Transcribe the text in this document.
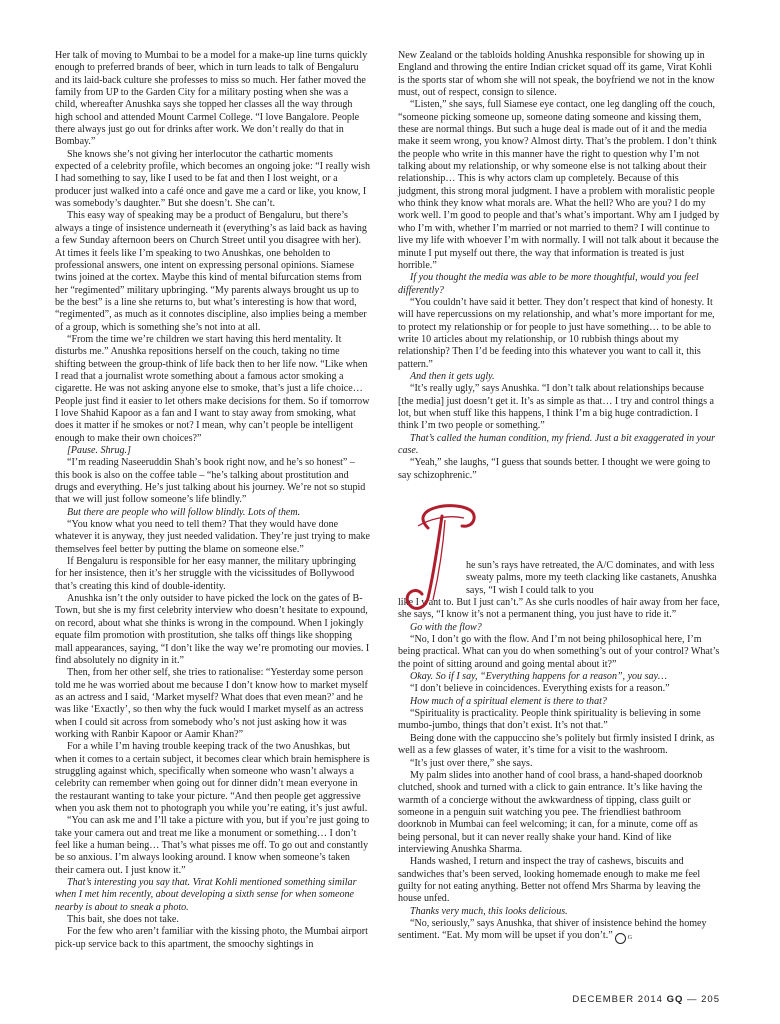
Her talk of moving to Mumbai to be a model for a make-up line turns quickly enough to preferred brands of beer, which in turn leads to talk of Bengaluru and its laid-back culture she professes to miss so much. Her father moved the family from UP to the Garden City for a military posting when she was a child, whereafter Anushka says she topped her classes all the way through high school and attended Mount Carmel College. “I love Bangalore. People there always just go out for drinks after work. We don’t really do that in Bombay.”

She knows she’s not giving her interlocutor the cathartic moments expected of a celebrity profile, which becomes an ongoing joke: “I really wish I had something to say, like I used to be fat and then I lost weight, or a producer just walked into a café once and gave me a card or like, you know, I was somebody’s daughter.” But she doesn’t. She can’t.

This easy way of speaking may be a product of Bengaluru, but there’s always a tinge of insistence underneath it (everything’s as laid back as having a few Sunday afternoon beers on Church Street until you disagree with her). At times it feels like I’m speaking to two Anushkas, one beholden to professional answers, one intent on expressing personal opinions. Siamese twins joined at the cortex. Maybe this kind of mental bifurcation stems from her “regimented” military upbringing. “My parents always brought us up to be the best” is a line she returns to, but what’s interesting is how that word, “regimented”, as much as it connotes discipline, also implies being a member of a group, which is something she’s not into at all.

“From the time we’re children we start having this herd mentality. It disturbs me.” Anushka repositions herself on the couch, taking no time shifting between the group-think of life back then to her life now. “Like when I read that a journalist wrote something about a famous actor smoking a cigarette. He was not asking anyone else to smoke, that’s just a life choice… People just find it easier to let others make decisions for them. So if tomorrow I love Shahid Kapoor as a fan and I want to stay away from smoking, what does it matter if he smokes or not? I mean, why can’t people be intelligent enough to make their own choices?”

[Pause. Shrug.]

“I’m reading Naseeruddin Shah’s book right now, and he’s so honest” – this book is also on the coffee table – “he’s talking about prostitution and drugs and everything. He’s just talking about his journey. We’re not so stupid that we will just follow someone’s life blindly.”

But there are people who will follow blindly. Lots of them.

“You know what you need to tell them? That they would have done whatever it is anyway, they just needed validation. They’re just trying to make themselves feel better by putting the blame on someone else.”

If Bengaluru is responsible for her easy manner, the military upbringing for her insistence, then it’s her struggle with the vicissitudes of Bollywood that’s creating this kind of double-identity.

Anushka isn’t the only outsider to have picked the lock on the gates of B-Town, but she is my first celebrity interview who doesn’t hesitate to expound, on record, about what she thinks is wrong in the compound. When I jokingly equate film promotion with prostitution, she talks off things like shopping mall appearances, saying, “I don’t like the way we’re promoting our movies. I find absolutely no dignity in it.”

Then, from her other self, she tries to rationalise: “Yesterday some person told me he was worried about me because I don’t know how to market myself as an actress and I said, ‘Market myself? What does that even mean?’ and he was like ‘Exactly’, so then why the fuck would I market myself as an actress when I could sit across from somebody who’s not just asking how it was working with Ranbir Kapoor or Aamir Khan?”

For a while I’m having trouble keeping track of the two Anushkas, but when it comes to a certain subject, it becomes clear which brain hemisphere is struggling against which, specifically when someone who wasn’t always a celebrity can remember when going out for dinner didn’t mean everyone in the restaurant wanting to take your picture. “And then people get aggressive when you ask them not to photograph you while you’re eating, it’s just awful.

“You can ask me and I’ll take a picture with you, but if you’re just going to take your camera out and treat me like a monument or something… I don’t feel like a human being… That’s what pisses me off. To go out and constantly be so anxious. I’m always looking around. I know when someone’s taken their camera out. I just know it.”

That’s interesting you say that. Virat Kohli mentioned something similar when I met him recently, about developing a sixth sense for when someone nearby is about to sneak a photo.

This bait, she does not take.

For the few who aren’t familiar with the kissing photo, the Mumbai airport pick-up service back to this apartment, the smoochy sightings in

New Zealand or the tabloids holding Anushka responsible for showing up in England and throwing the entire Indian cricket squad off its game, Virat Kohli is the sports star of whom she will not speak, the boyfriend we not in the know must, out of respect, consign to silence.

“Listen,” she says, full Siamese eye contact, one leg dangling off the couch, “someone picking someone up, someone dating someone and kissing them, these are normal things. But such a huge deal is made out of it and the media make it seem wrong, you know? Almost dirty. That’s the problem. I don’t think the people who write in this manner have the right to question why I’m not talking about my relationship, or why someone else is not talking about their relationship… This is why actors clam up completely. Because of this judgment, this strong moral judgment. I have a problem with moralistic people who think they know what morals are. What the hell? Who are you? I do my work well. I’m good to people and that’s what’s important. Why am I judged by who I’m with, whether I’m married or not married to them? I will continue to live my life with whoever I’m with normally. I will not talk about it because the minute I put myself out there, the way that information is treated is just horrible.”

If you thought the media was able to be more thoughtful, would you feel differently?

“You couldn’t have said it better. They don’t respect that kind of honesty. It will have repercussions on my relationship, and what’s more important for me, to protect my relationship or for people to just have something… to be able to write 10 articles about my relationship, or 10 rubbish things about my relationship? Then I’d be feeding into this whatever you want to call it, this pattern.”

And then it gets ugly.

“It’s really ugly,” says Anushka. “I don’t talk about relationships because [the media] just doesn’t get it. It’s as simple as that… I try and control things a lot, but when stuff like this happens, I think I’m a big huge contradiction. I think I’m two people or something.”

That’s called the human condition, my friend. Just a bit exaggerated in your case.

“Yeah,” she laughs, “I guess that sounds better. I thought we were going to say schizophrenic.”

he sun’s rays have retreated, the A/C dominates, and with less sweaty palms, more my teeth clacking like castanets, Anushka says, “I wish I could talk to you

like I want to. But I just can’t.” As she curls noodles of hair away from her face, she says, “I know it’s not a permanent thing, you just have to ride it.”

Go with the flow?

“No, I don’t go with the flow. And I’m not being philosophical here, I’m being practical. What can you do when something’s out of your control? What’s the point of sitting around and going mental about it?”

Okay. So if I say, “Everything happens for a reason”, you say…

“I don’t believe in coincidences. Everything exists for a reason.”

How much of a spiritual element is there to that?

“Spirituality is practicality. People think spirituality is believing in some mumbo-jumbo, things that don’t exist. It’s not that.”

Being done with the cappuccino she’s politely but firmly insisted I drink, as well as a few glasses of water, it’s time for a visit to the washroom.

“It’s just over there,” she says.

My palm slides into another hand of cool brass, a hand-shaped doorknob clutched, shook and turned with a click to gain entrance. It’s like having the warmth of a concierge without the awkwardness of tipping, class guilt or someone in a penguin suit watching you pee. The friendliest bathroom doorknob in Mumbai can feel welcoming; it can, for a minute, come off as being personal, but it can never really shake your hand. Kind of like interviewing Anushka Sharma.

Hands washed, I return and inspect the tray of cashews, biscuits and sandwiches that’s been served, looking homemade enough to make me feel guilty for not eating anything. Better not offend Mrs Sharma by leaving the house unfed.

Thanks very much, this looks delicious.

“No, seriously,” says Anushka, that shiver of insistence behind the homey sentiment. “Eat. My mom will be upset if you don’t.”	G

DECEMBER 2014 GQ — 205
